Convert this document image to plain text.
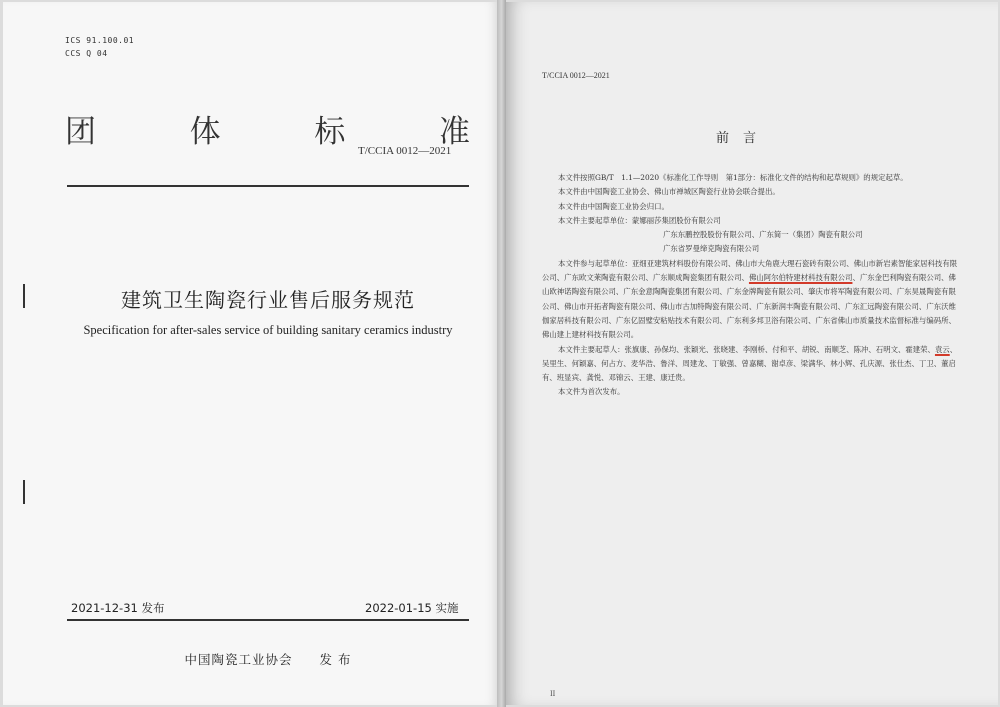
ICS 91.100.01
CCS Q 04
团	体	标	准
T/CCIA 0012—2021
建筑卫生陶瓷行业售后服务规范
Specification for after-sales service of building sanitary ceramics industry
2021-12-31 发布	2022-01-15 实施
中国陶瓷工业协会　　发 布
T/CCIA 0012—2021
前言

本文件按照GB/T　1.1—2020《标准化工作导则　第1部分：标准化文件的结构和起草规则》的规定起草。

本文件由中国陶瓷工业协会、佛山市禅城区陶瓷行业协会联合提出。

本文件由中国陶瓷工业协会归口。

本文件主要起草单位：蒙娜丽莎集团股份有限公司

广东东鹏控股股份有限公司、广东简一（集团）陶瓷有限公司

广东省罗曼缔克陶瓷有限公司

本文件参与起草单位：亚细亚建筑材料股份有限公司、佛山市大角鹿大理石瓷砖有限公司、佛山市新岩素智能家居科技有限公司、广东欧文莱陶瓷有限公司、广东顺成陶瓷集团有限公司、佛山阿尔伯特建材科技有限公司、广东金巴利陶瓷有限公司、佛山欧神诺陶瓷有限公司、广东金意陶陶瓷集团有限公司、广东金牌陶瓷有限公司、肇庆市将军陶瓷有限公司、广东昊晟陶瓷有限公司、佛山市开拓者陶瓷有限公司、佛山市古加特陶瓷有限公司、广东新润丰陶瓷有限公司、广东汇远陶瓷有限公司、广东沃维伽家居科技有限公司、广东亿固璧安粘贴技术有限公司、广东利多邦卫浴有限公司、广东省佛山市质量技术监督标准与编码所、佛山建上建材科技有限公司。

本文件主要起草人：张旗康、孙保均、张颖光、张晓建、李刚桥、付和平、胡锐、南顺芝、陈冲、石明文、霍建荣、袁云、吴里生、何颖嘉、何占方、麦华浩、鲁洋、周建龙、丁敏强、曾嘉糊、谢卓彦、梁满华、林小辉、孔庆源、张仕杰、丁卫、董启有、班显宾、龚悦、邓锦云、王建、康迁贵。

本文件为首次发布。

II
